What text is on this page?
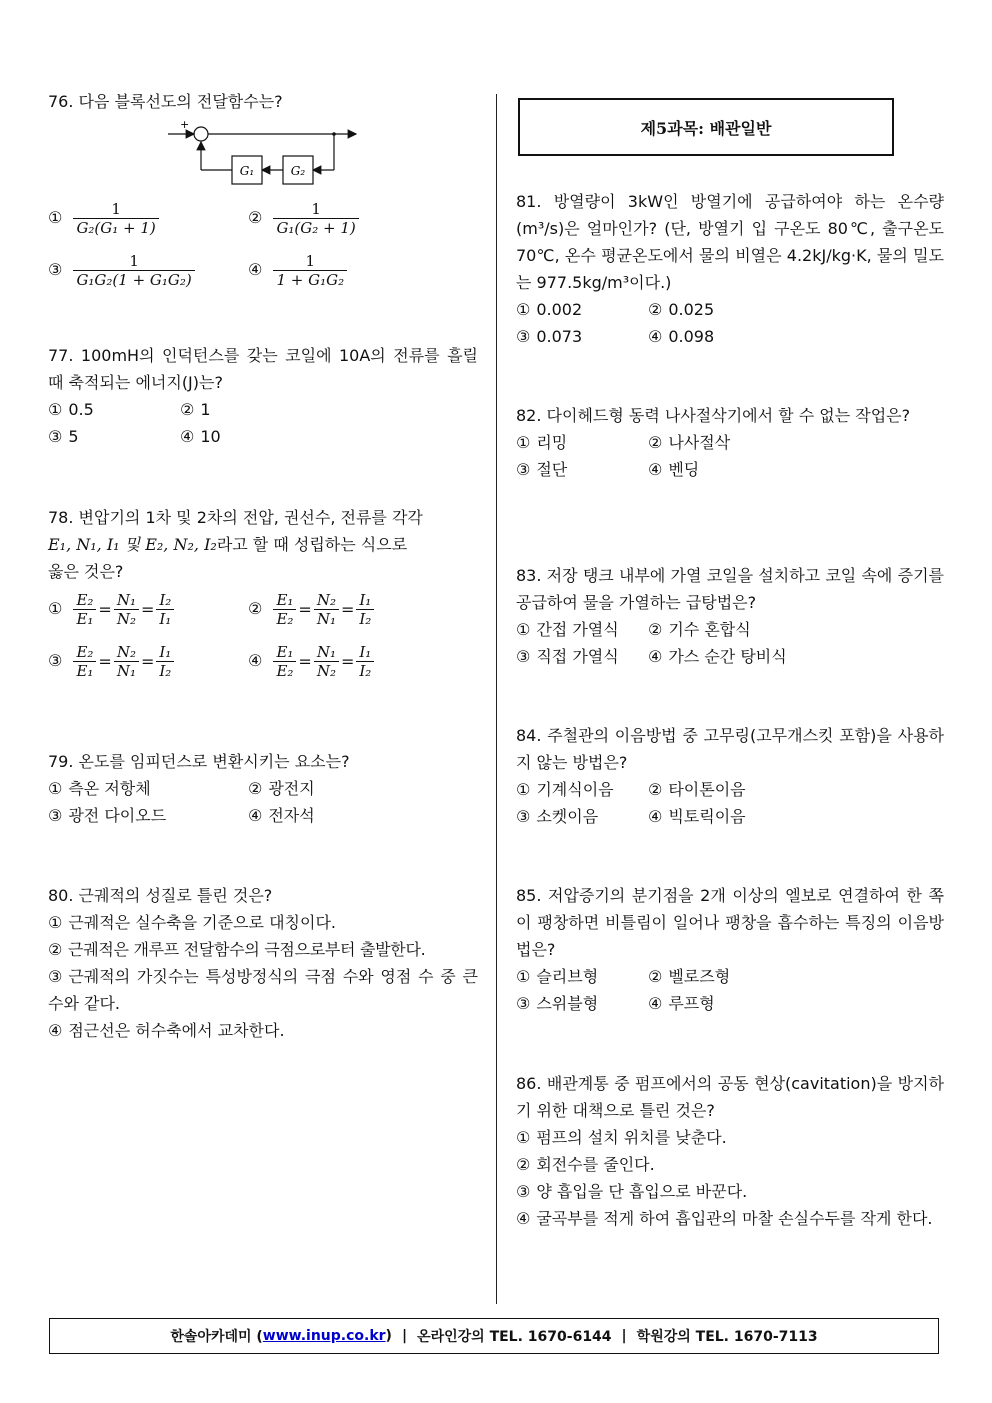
76. 다음 블록선도의 전달함수는?

+
G₂
G₁
① $\frac{1}{\text{G₂(G₁ + 1)}}$	② $\frac{1}{\text{G₁(G₂ + 1)}}$
③ $\frac{1}{\text{G₁G₂(1 + G₁G₂)}}$	④ $\frac{1}{\text{1 + G₁G₂}}$

77. 100mH의 인덕턴스를 갖는 코일에 10A의 전류를 흘릴 때 축적되는 에너지(J)는?

① 0.5	② 1
③ 5	④ 10

78. 변압기의 1차 및 2차의 전압, 권선수, 전류를 각각
E₁, N₁, I₁ 및 E₂, N₂, I₂라고 할 때 성립하는 식으로
옳은 것은?

① $\frac{\text{E₂}}{\text{E₁}} = \frac{\text{N₁}}{\text{N₂}} = \frac{\text{I₂}}{\text{I₁}}$	② $\frac{\text{E₁}}{\text{E₂}} = \frac{\text{N₂}}{\text{N₁}} = \frac{\text{I₁}}{\text{I₂}}$
③ $\frac{\text{E₂}}{\text{E₁}} = \frac{\text{N₂}}{\text{N₁}} = \frac{\text{I₁}}{\text{I₂}}$	④ $\frac{\text{E₁}}{\text{E₂}} = \frac{\text{N₁}}{\text{N₂}} = \frac{\text{I₁}}{\text{I₂}}$

79. 온도를 임피던스로 변환시키는 요소는?

① 측온 저항체	② 광전지
③ 광전 다이오드	④ 전자석

80. 근궤적의 성질로 틀린 것은?

① 근궤적은 실수축을 기준으로 대칭이다.

② 근궤적은 개루프 전달함수의 극점으로부터 출발한다.

③ 근궤적의 가짓수는 특성방정식의 극점 수와 영점 수 중 큰 수와 같다.

④ 점근선은 허수축에서 교차한다.

제5과목: 배관일반

81. 방열량이 3kW인 방열기에 공급하여야 하는 온수량(m³/s)은 얼마인가? (단, 방열기 입 구온도 80℃, 출구온도 70℃, 온수 평균온도에서 물의 비열은 4.2kJ/kg·K, 물의 밀도는 977.5kg/m³이다.)

① 0.002	② 0.025
③ 0.073	④ 0.098

82. 다이헤드형 동력 나사절삭기에서 할 수 없는 작업은?

① 리밍	② 나사절삭
③ 절단	④ 벤딩

83. 저장 탱크 내부에 가열 코일을 설치하고 코일 속에 증기를 공급하여 물을 가열하는 급탕법은?

① 간접 가열식 ② 기수 혼합식
③ 직접 가열식 ④ 가스 순간 탕비식

84. 주철관의 이음방법 중 고무링(고무개스킷 포함)을 사용하지 않는 방법은?

① 기계식이음 ② 타이톤이음
③ 소켓이음	④ 빅토릭이음

85. 저압증기의 분기점을 2개 이상의 엘보로 연결하여 한 쪽이 팽창하면 비틀림이 일어나 팽창을 흡수하는 특징의 이음방법은?

① 슬리브형	② 벨로즈형
③ 스위블형	④ 루프형

86. 배관계통 중 펌프에서의 공동 현상(cavitation)을 방지하기 위한 대책으로 틀린 것은?

① 펌프의 설치 위치를 낮춘다.

② 회전수를 줄인다.

③ 양 흡입을 단 흡입으로 바꾼다.

④ 굴곡부를 적게 하여 흡입관의 마찰 손실수두를 작게 한다.

한솔아카데미 ( www.inup.co.kr ) | 온라인강의 TEL. 1670-6144 | 학원강의 TEL. 1670-7113
